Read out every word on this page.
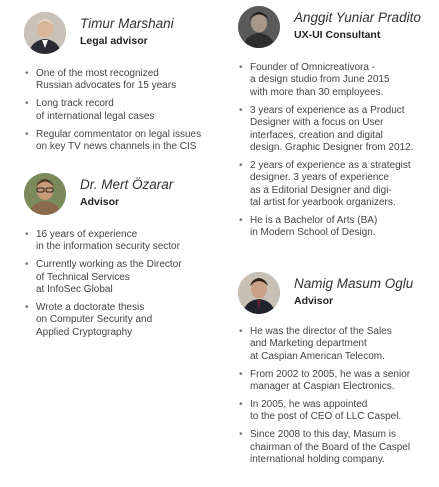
Timur Marshani
Legal advisor
• One of the most recognized
Russian advocates for 15 years
• Long track record
of international legal cases
• Regular commentator on legal issues
on key TV news channels in the CIS
Dr. Mert Özarar
Advisor
• 16 years of experience
in the information security sector
• Currently working as the Director
of Technical Services
at InfoSec Global
• Wrote a doctorate thesis
on Computer Security and
Applied Cryptography
Anggit Yuniar Pradito
UX-UI Consultant
• Founder of Omnicreativora -
a design studio from June 2015
with more than 30 employees.
• 3 years of experience as a Product
Designer with a focus on User
interfaces, creation and digital
design. Graphic Designer from 2012.
• 2 years of experience as a strategist
designer. 3 years of experience
as a Editorial Designer and digi-
tal artist for yearbook organizers.
• He is a Bachelor of Arts (BA)
in Modern School of Design.
Namig Masum Oglu
Advisor
• He was the director of the Sales
and Marketing department
at Caspian American Telecom.
• From 2002 to 2005, he was a senior
manager at Caspian Electronics.
• In 2005, he was appointed
to the post of CEO of LLC Caspel.
• Since 2008 to this day, Masum is
chairman of the Board of the Caspel
international holding company.
